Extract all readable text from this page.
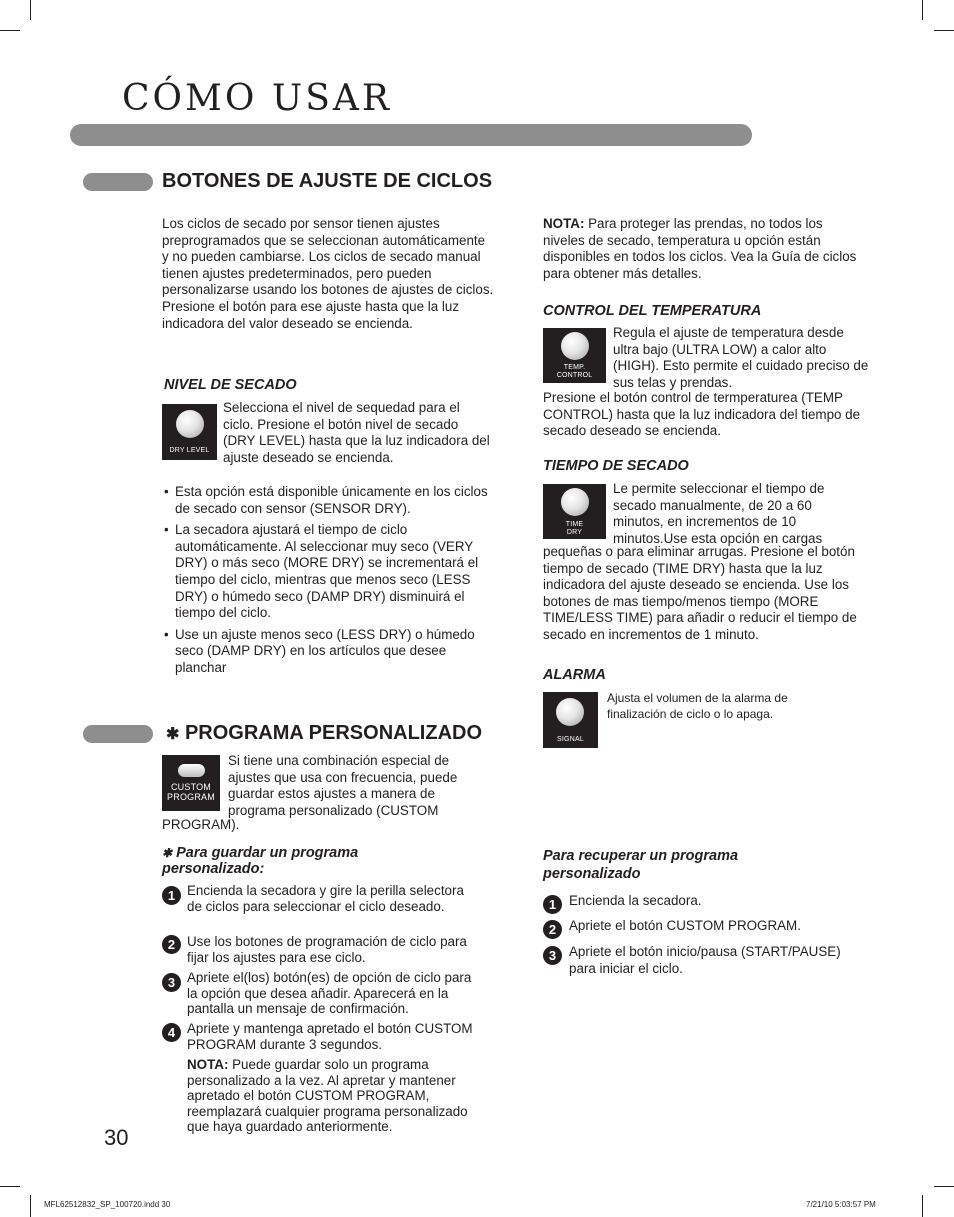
CÓMO USAR
BOTONES DE AJUSTE DE CICLOS
Los ciclos de secado por sensor tienen ajustes preprogramados que se seleccionan automáticamente y no pueden cambiarse. Los ciclos de secado manual tienen ajustes predeterminados, pero pueden personalizarse usando los botones de ajustes de ciclos. Presione el botón para ese ajuste hasta que la luz indicadora del valor deseado se encienda.
NIVEL DE SECADO
DRY LEVEL
Selecciona el nivel de sequedad para el ciclo. Presione el botón nivel de secado (DRY LEVEL) hasta que la luz indicadora del ajuste deseado se encienda.
• Esta opción está disponible únicamente en los ciclos de secado con sensor (SENSOR DRY).
• La secadora ajustará el tiempo de ciclo automáticamente. Al seleccionar muy seco (VERY DRY) o más seco (MORE DRY) se incrementará el tiempo del ciclo, mientras que menos seco (LESS DRY) o húmedo seco (DAMP DRY) disminuirá el tiempo del ciclo.
• Use un ajuste menos seco (LESS DRY) o húmedo seco (DAMP DRY) en los artículos que desee planchar
NOTA: Para proteger las prendas, no todos los niveles de secado, temperatura u opción están disponibles en todos los ciclos. Vea la Guía de ciclos para obtener más detalles.
CONTROL DEL TEMPERATURA
TEMP.
CONTROL
Regula el ajuste de temperatura desde ultra bajo (ULTRA LOW) a calor alto (HIGH). Esto permite el cuidado preciso de sus telas y prendas.
Presione el botón control de termperaturea (TEMP CONTROL) hasta que la luz indicadora del tiempo de secado deseado se encienda.
TIEMPO DE SECADO
TIME
DRY
Le permite seleccionar el tiempo de secado manualmente, de 20 a 60 minutos, en incrementos de 10 minutos.Use esta opción en cargas
pequeñas o para eliminar arrugas. Presione el botón tiempo de secado (TIME DRY) hasta que la luz indicadora del ajuste deseado se encienda. Use los botones de mas tiempo/menos tiempo (MORE TIME/LESS TIME) para añadir o reducir el tiempo de secado en incrementos de 1 minuto.
ALARMA
SIGNAL
Ajusta el volumen de la alarma de finalización de ciclo o lo apaga.
✱ PROGRAMA PERSONALIZADO
CUSTOM
PROGRAM
Si tiene una combinación especial de ajustes que usa con frecuencia, puede guardar estos ajustes a manera de programa personalizado (CUSTOM
PROGRAM).
✱ Para guardar un programa personalizado:
1 Encienda la secadora y gire la perilla selectora de ciclos para seleccionar el ciclo deseado.
2 Use los botones de programación de ciclo para fijar los ajustes para ese ciclo.
3 Apriete el(los) botón(es) de opción de ciclo para la opción que desea añadir. Aparecerá en la pantalla un mensaje de confirmación.
4 Apriete y mantenga apretado el botón CUSTOM PROGRAM durante 3 segundos.
NOTA: Puede guardar solo un programa personalizado a la vez. Al apretar y mantener apretado el botón CUSTOM PROGRAM, reemplazará cualquier programa personalizado que haya guardado anteriormente.
Para recuperar un programa personalizado
1 Encienda la secadora.
2 Apriete el botón CUSTOM PROGRAM.
3 Apriete el botón inicio/pausa (START/PAUSE) para iniciar el ciclo.
30
MFL62512832_SP_100720.indd 30	7/21/10 5:03:57 PM
